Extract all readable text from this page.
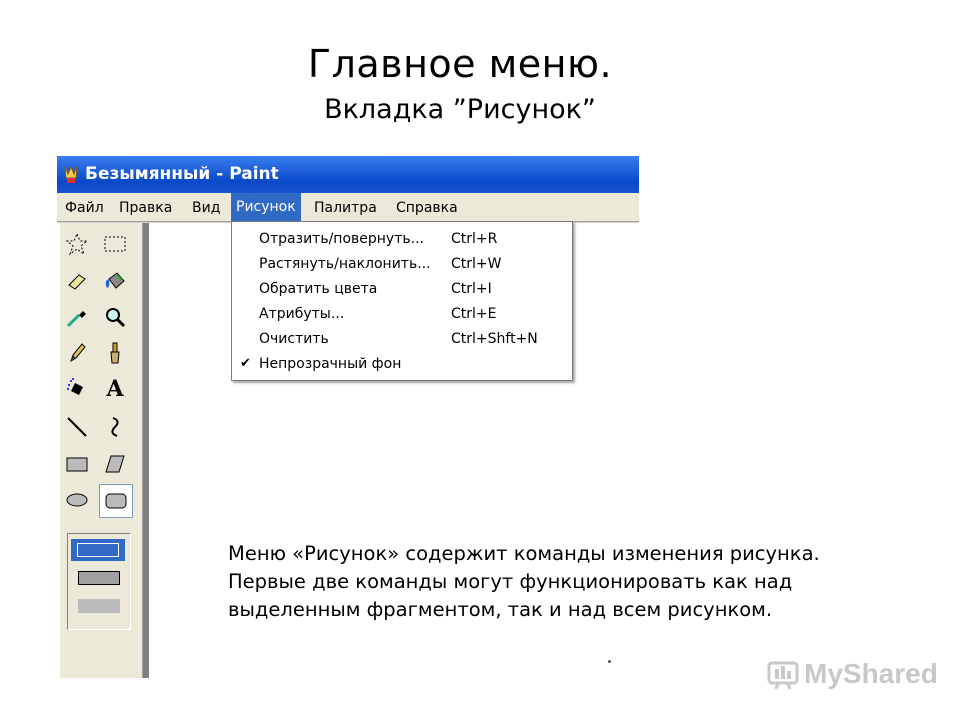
Главное меню.
Вкладка ”Рисунок”
Безымянный - Paint
Файл	Правка	Вид	Рисунок	Палитра	Справка
A
Отразить/повернуть... Ctrl+R
Растянуть/наклонить... Ctrl+W
Обратить цвета	Ctrl+I
Атрибуты...	Ctrl+E
Очистить	Ctrl+Shft+N
✔ Непрозрачный фон
Меню «Рисунок» содержит команды изменения рисунка.
Первые две команды могут функционировать как над
выделенным фрагментом, так и над всем рисунком.
MyShared
